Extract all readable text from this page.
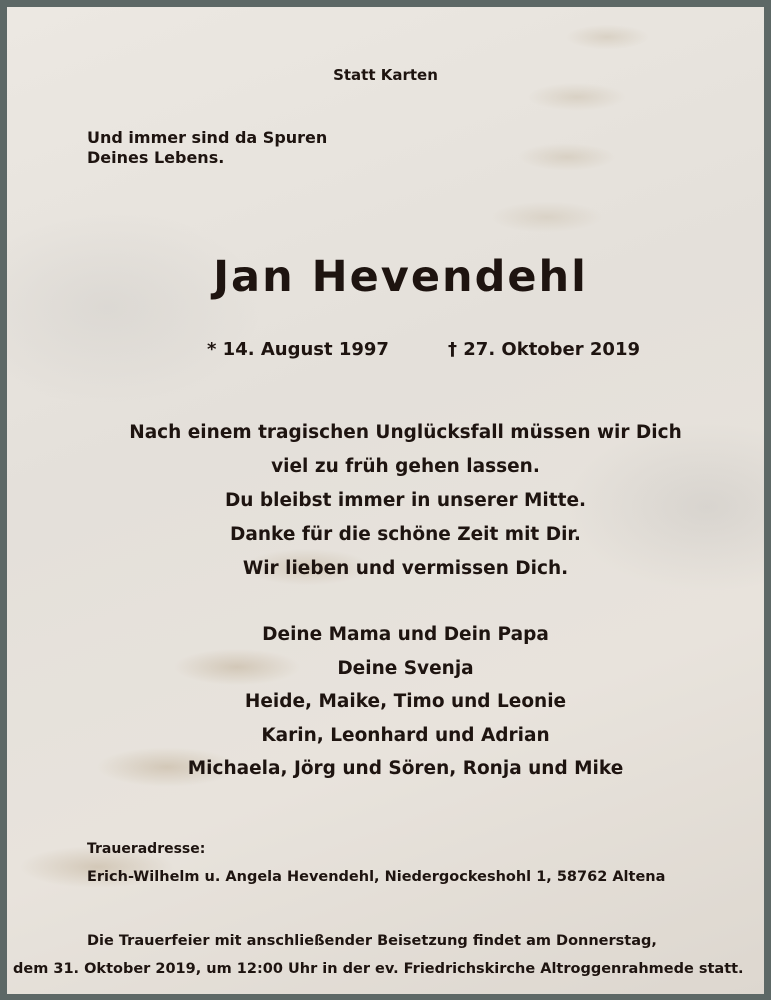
Statt Karten
Und immer sind da Spuren
Deines Lebens.
Jan Hevendehl
* 14. August 1997	† 27. Oktober 2019
Nach einem tragischen Unglücksfall müssen wir Dich
viel zu früh gehen lassen.
Du bleibst immer in unserer Mitte.
Danke für die schöne Zeit mit Dir.
Wir lieben und vermissen Dich.
Deine Mama und Dein Papa
Deine Svenja
Heide, Maike, Timo und Leonie
Karin, Leonhard und Adrian
Michaela, Jörg und Sören, Ronja und Mike
Traueradresse:
Erich-Wilhelm u. Angela Hevendehl, Niedergockeshohl 1, 58762 Altena
Die Trauerfeier mit anschließender Beisetzung findet am Donnerstag,
dem 31. Oktober 2019, um 12:00 Uhr in der ev. Friedrichskirche Altroggenrahmede statt.
